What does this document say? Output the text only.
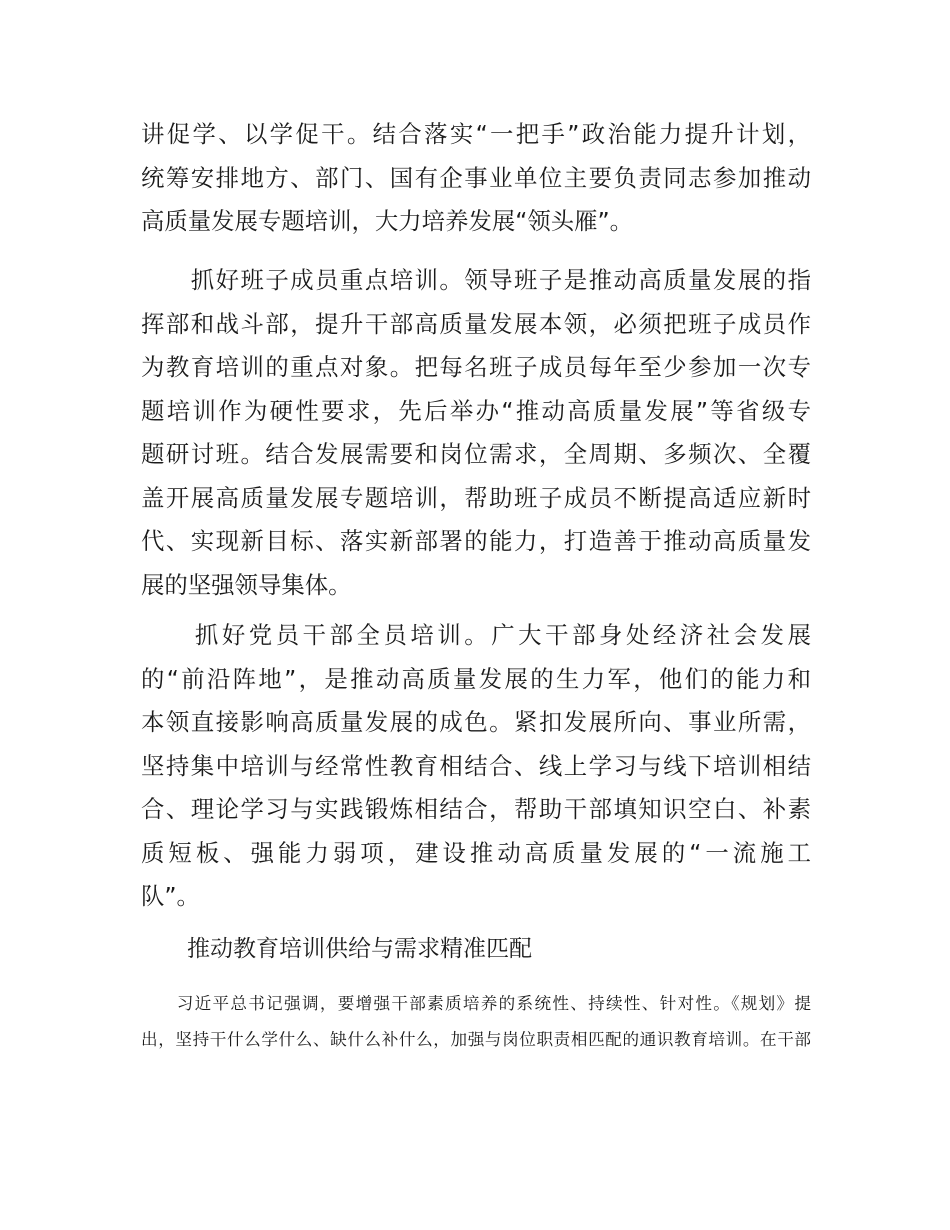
讲促学、以学促干。结合落实“一把手”政治能力提升计划，
统筹安排地方、部门、国有企事业单位主要负责同志参加推动
高质量发展专题培训，大力培养发展“领头雁”。
　　抓好班子成员重点培训。领导班子是推动高质量发展的指
挥部和战斗部，提升干部高质量发展本领，必须把班子成员作
为教育培训的重点对象。把每名班子成员每年至少参加一次专
题培训作为硬性要求，先后举办“推动高质量发展”等省级专
题研讨班。结合发展需要和岗位需求，全周期、多频次、全覆
盖开展高质量发展专题培训，帮助班子成员不断提高适应新时
代、实现新目标、落实新部署的能力，打造善于推动高质量发
展的坚强领导集体。
　　抓好党员干部全员培训。广大干部身处经济社会发展
的“前沿阵地”，是推动高质量发展的生力军，他们的能力和
本领直接影响高质量发展的成色。紧扣发展所向、事业所需，
坚持集中培训与经常性教育相结合、线上学习与线下培训相结
合、理论学习与实践锻炼相结合，帮助干部填知识空白、补素
质短板、强能力弱项，建设推动高质量发展的“一流施工
队”。
　　推动教育培训供给与需求精准匹配
　　习近平总书记强调，要增强干部素质培养的系统性、持续性、针对性。《规划》提
出，坚持干什么学什么、缺什么补什么，加强与岗位职责相匹配的通识教育培训。在干部
